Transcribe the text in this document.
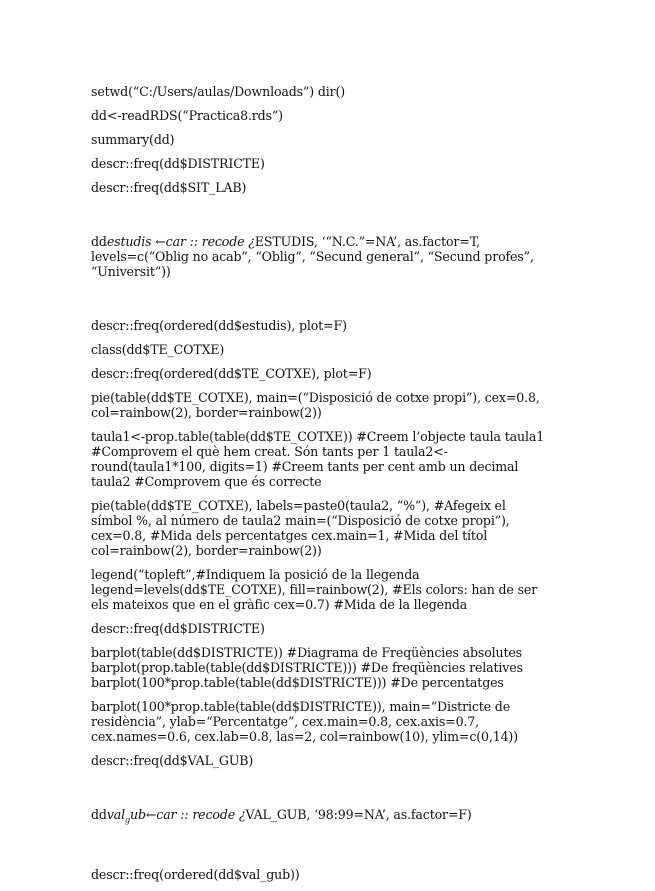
setwd(“C:/Users/aulas/Downloads”) dir()

dd<-readRDS(“Practica8.rds”)

summary(dd)

descr::freq(dd$DISTRICTE)

descr::freq(dd$SIT_LAB)

ddestudis ←car :: recode ¿ESTUDIS, ‘“N.C.”=NA’, as.factor=T,
levels=c(“Oblig no acab”, “Oblig”, “Secund general”, “Secund profes”,
“Universit”))

descr::freq(ordered(dd$estudis), plot=F)

class(dd$TE_COTXE)

descr::freq(ordered(dd$TE_COTXE), plot=F)

pie(table(dd$TE_COTXE), main=(“Disposició de cotxe propi”), cex=0.8,
col=rainbow(2), border=rainbow(2))

taula1<-prop.table(table(dd$TE_COTXE)) #Creem l’objecte taula taula1
#Comprovem el què hem creat. Són tants per 1 taula2<-
round(taula1*100, digits=1) #Creem tants per cent amb un decimal
taula2 #Comprovem que és correcte

pie(table(dd$TE_COTXE), labels=paste0(taula2, “%”), #Afegeix el
símbol %, al número de taula2 main=(“Disposició de cotxe propi”),
cex=0.8, #Mida dels percentatges cex.main=1, #Mida del títol
col=rainbow(2), border=rainbow(2))

legend(“topleft”,#Indiquem la posició de la llegenda
legend=levels(dd$TE_COTXE), fill=rainbow(2), #Els colors: han de ser
els mateixos que en el gràfic cex=0.7) #Mida de la llegenda

descr::freq(dd$DISTRICTE)

barplot(table(dd$DISTRICTE)) #Diagrama de Freqüències absolutes
barplot(prop.table(table(dd$DISTRICTE))) #De freqüències relatives
barplot(100*prop.table(table(dd$DISTRICTE))) #De percentatges

barplot(100*prop.table(table(dd$DISTRICTE)), main=“Districte de
residència”, ylab=“Percentatge”, cex.main=0.8, cex.axis=0.7,
cex.names=0.6, cex.lab=0.8, las=2, col=rainbow(10), ylim=c(0,14))

descr::freq(dd$VAL_GUB)

ddval$_g$ub←car :: recode ¿VAL_GUB, ‘98:99=NA’, as.factor=F)

descr::freq(ordered(dd$val_gub))
